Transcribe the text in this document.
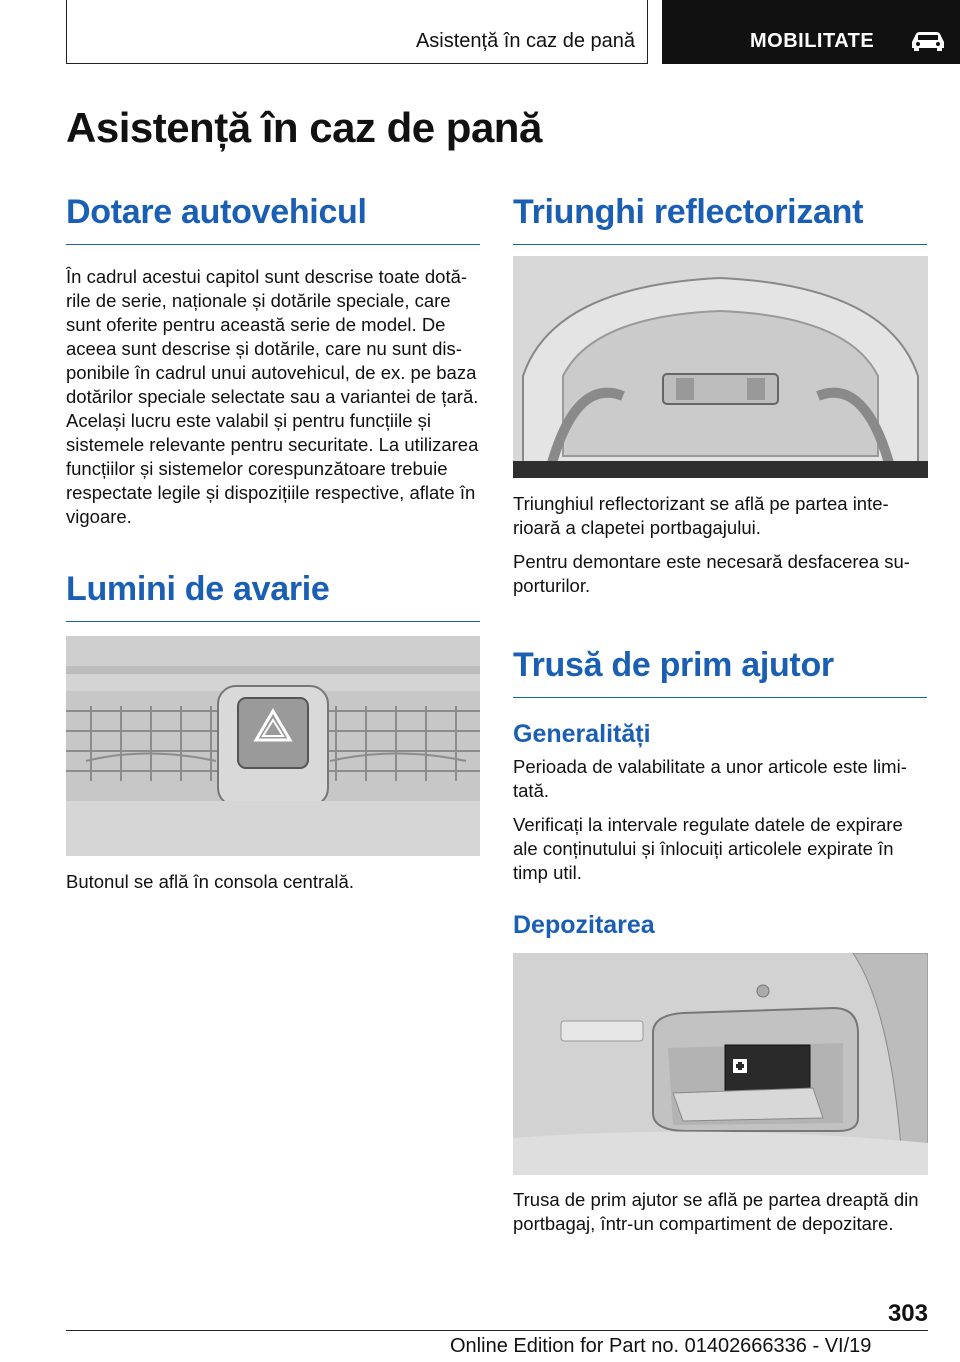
Asistență în caz de pană	MOBILITATE
Asistență în caz de pană
Dotare autovehicul

În cadrul acestui capitol sunt descrise toate dotările de serie, naționale și dotările speciale, care sunt oferite pentru această serie de model. De aceea sunt descrise și dotările, care nu sunt disponibile în cadrul unui autovehicul, de ex. pe baza dotărilor speciale selectate sau a variantei de țară. Același lucru este valabil și pentru funcțiile și sistemele relevante pentru securitate. La utilizarea funcțiilor și sistemelor corespunzătoare trebuie respectate legile și dispozițiile respective, aflate în vigoare.

Lumini de avarie

Butonul se află în consola centrală.

Triunghi reflectorizant

Triunghiul reflectorizant se află pe partea interioară a clapetei portbagajului.

Pentru demontare este necesară desfacerea suporturilor.

Trusă de prim ajutor
Generalități

Perioada de valabilitate a unor articole este limitată.

Verificați la intervale regulate datele de expirare ale conținutului și înlocuiți articolele expirate în timp util.

Depozitarea

Trusa de prim ajutor se află pe partea dreaptă din portbagaj, într-un compartiment de depozitare.

303
Online Edition for Part no. 01402666336 - VI/19
